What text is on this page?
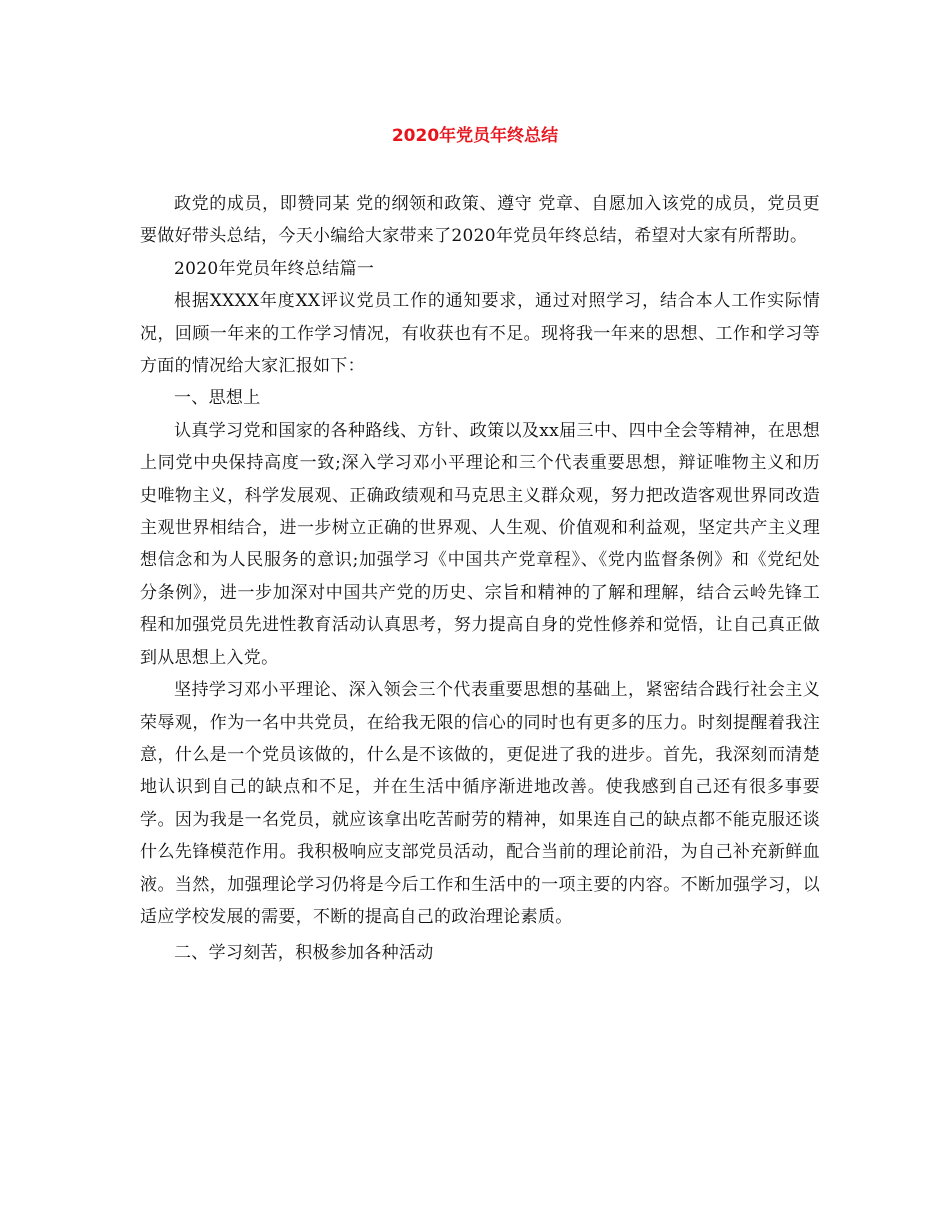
2020年党员年终总结

政党的成员，即赞同某 党的纲领和政策、遵守 党章、自愿加入该党的成员，党员更要做好带头总结，今天小编给大家带来了2020年党员年终总结，希望对大家有所帮助。

2020年党员年终总结篇一

根据XXXX年度XX评议党员工作的通知要求，通过对照学习，结合本人工作实际情况，回顾一年来的工作学习情况，有收获也有不足。现将我一年来的思想、工作和学习等方面的情况给大家汇报如下：

一、思想上

认真学习党和国家的各种路线、方针、政策以及xx届三中、四中全会等精神，在思想上同党中央保持高度一致;深入学习邓小平理论和三个代表重要思想，辩证唯物主义和历史唯物主义，科学发展观、正确政绩观和马克思主义群众观，努力把改造客观世界同改造主观世界相结合，进一步树立正确的世界观、人生观、价值观和利益观，坚定共产主义理想信念和为人民服务的意识;加强学习《中国共产党章程》、《党内监督条例》和《党纪处分条例》，进一步加深对中国共产党的历史、宗旨和精神的了解和理解，结合云岭先锋工程和加强党员先进性教育活动认真思考，努力提高自身的党性修养和觉悟，让自己真正做到从思想上入党。

坚持学习邓小平理论、深入领会三个代表重要思想的基础上，紧密结合践行社会主义荣辱观，作为一名中共党员，在给我无限的信心的同时也有更多的压力。时刻提醒着我注意，什么是一个党员该做的，什么是不该做的，更促进了我的进步。首先，我深刻而清楚地认识到自己的缺点和不足，并在生活中循序渐进地改善。使我感到自己还有很多事要学。因为我是一名党员，就应该拿出吃苦耐劳的精神，如果连自己的缺点都不能克服还谈什么先锋模范作用。我积极响应支部党员活动，配合当前的理论前沿，为自己补充新鲜血液。当然，加强理论学习仍将是今后工作和生活中的一项主要的内容。不断加强学习，以适应学校发展的需要，不断的提高自己的政治理论素质。

二、学习刻苦，积极参加各种活动
